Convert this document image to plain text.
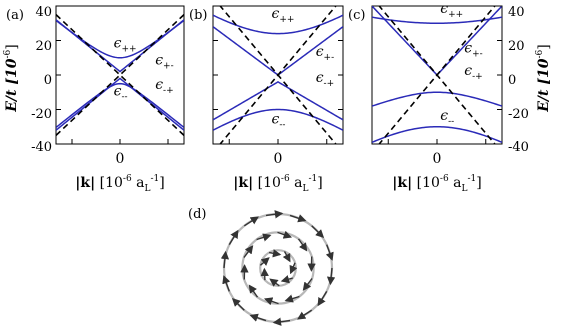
(a)
$\epsilon_{++}$
$\epsilon_{+-}$
$\epsilon_{-+}$
$\epsilon_{--}$
40
20
0
-20
-40
E/t $[10^{-6}]$
0
|k| [$10^{-6}$ $a_L^{-1}$]
(b)	$\epsilon_{++}$
$\epsilon_{+-}$
$\epsilon_{-+}$
$\epsilon_{--}$
0
|k| [$10^{-6}$ $a_L^{-1}$]
(c)	$\epsilon_{++}$
$\epsilon_{+-}$
$\epsilon_{-+}$
$\epsilon_{--}$
40
20
0
-20
-40
E/t $[10^{-6}]$
0
|k| [$10^{-6}$ $a_L^{-1}$]
(d)
